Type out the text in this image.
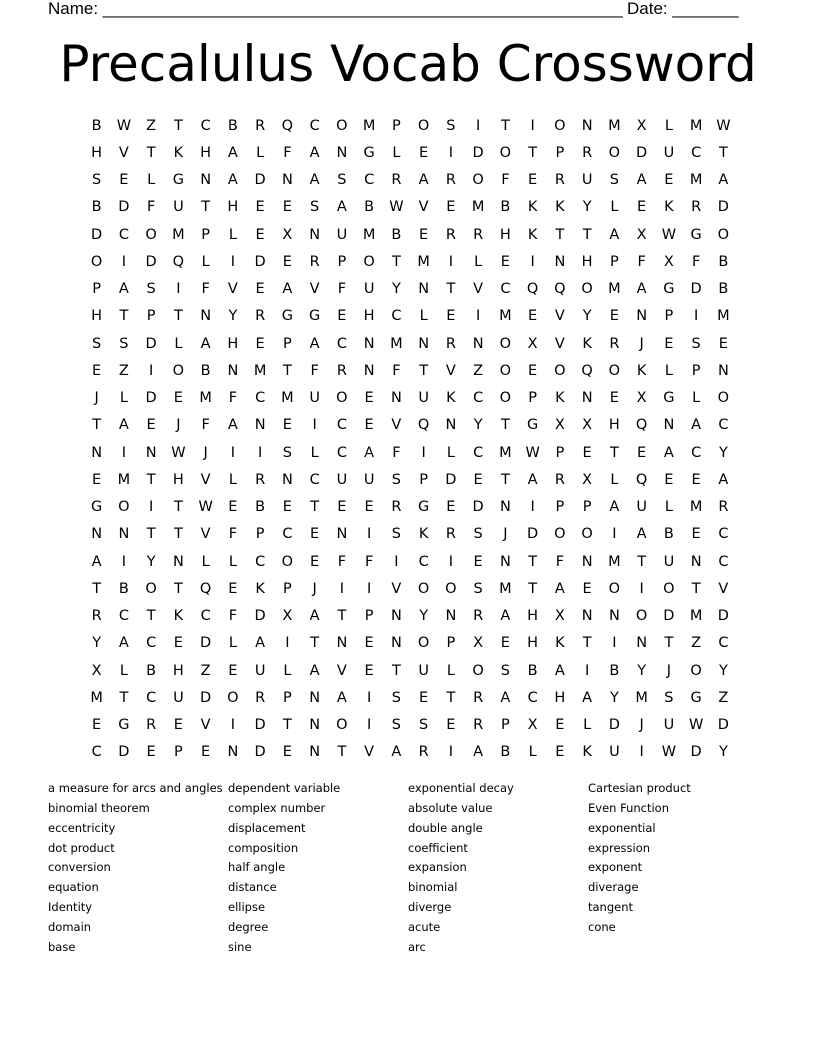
Name: _______________________________________________________

Date: _______

Precalulus Vocab Crossword
B	W	Z	T	C	B	R	Q	C	O	M	P	O	S	I	T	I	O	N	M	X	L	M W
H	V	T	K	H	A	L	F	A	N	G	L	E	I	D	O	T	P	R	O	D	U	C	T
S	E	L	G	N	A	D	N	A	S	C	R	A	R	O	F	E	R	U	S	A	E	M	A
B	D	F	U	T	H	E	E	S	A	B	W	V	E	M	B	K	K	Y	L	E	K	R	D
D	C	O	M	P	L	E	X	N	U	M	B	E	R	R	H	K	T	T	A	X	W G	O
O	I	D	Q	L	I	D	E	R	P	O	T	M	I	L	E	I	N	H	P	F	X	F	B
P	A	S	I	F	V	E	A	V	F	U	Y	N	T	V	C	Q	Q	O	M	A	G	D	B
H	T	P	T	N	Y	R	G	G	E	H	C	L	E	I	M	E	V	Y	E	N	P	I	M
S	S	D	L	A	H	E	P	A	C	N	M	N	R	N	O	X	V	K	R	J	E	S	E
E	Z	I	O	B	N	M	T	F	R	N	F	T	V	Z	O	E	O	Q	O	K	L	P	N
J	L	D	E	M	F	C	M	U	O	E	N	U	K	C	O	P	K	N	E	X	G	L	O
T	A	E	J	F	A	N	E	I	C	E	V	Q	N	Y	T	G	X	X	H	Q	N	A	C
N	I	N	W	J	I	I	S	L	C	A	F	I	L	C	M W	P	E	T	E	A	C	Y
E	M	T	H	V	L	R	N	C	U	U	S	P	D	E	T	A	R	X	L	Q	E	E	A
G	O	I	T	W	E	B	E	T	E	E	R	G	E	D	N	I	P	P	A	U	L	M	R
N	N	T	T	V	F	P	C	E	N	I	S	K	R	S	J	D	O	O	I	A	B	E	C
A	I	Y	N	L	L	C	O	E	F	F	I	C	I	E	N	T	F	N	M	T	U	N	C
T	B	O	T	Q	E	K	P	J	I	I	V	O	O	S	M	T	A	E	O	I	O	T	V
R	C	T	K	C	F	D	X	A	T	P	N	Y	N	R	A	H	X	N	N	O	D	M	D
Y	A	C	E	D	L	A	I	T	N	E	N	O	P	X	E	H	K	T	I	N	T	Z	C
X	L	B	H	Z	E	U	L	A	V	E	T	U	L	O	S	B	A	I	B	Y	J	O	Y
M	T	C	U	D	O	R	P	N	A	I	S	E	T	R	A	C	H	A	Y	M	S	G	Z
E	G	R	E	V	I	D	T	N	O	I	S	S	E	R	P	X	E	L	D	J	U	W D
C	D	E	P	E	N	D	E	N	T	V	A	R	I	A	B	L	E	K	U	I	W D	Y
a measure for arcs and angles
binomial theorem
eccentricity
dot product
conversion
equation
Identity
domain
base
dependent variable
complex number
displacement
composition
half angle
distance
ellipse
degree
sine
exponential decay
absolute value
double angle
coefficient
expansion
binomial
diverge
acute
arc
Cartesian product
Even Function
exponential
expression
exponent
diverage
tangent
cone
